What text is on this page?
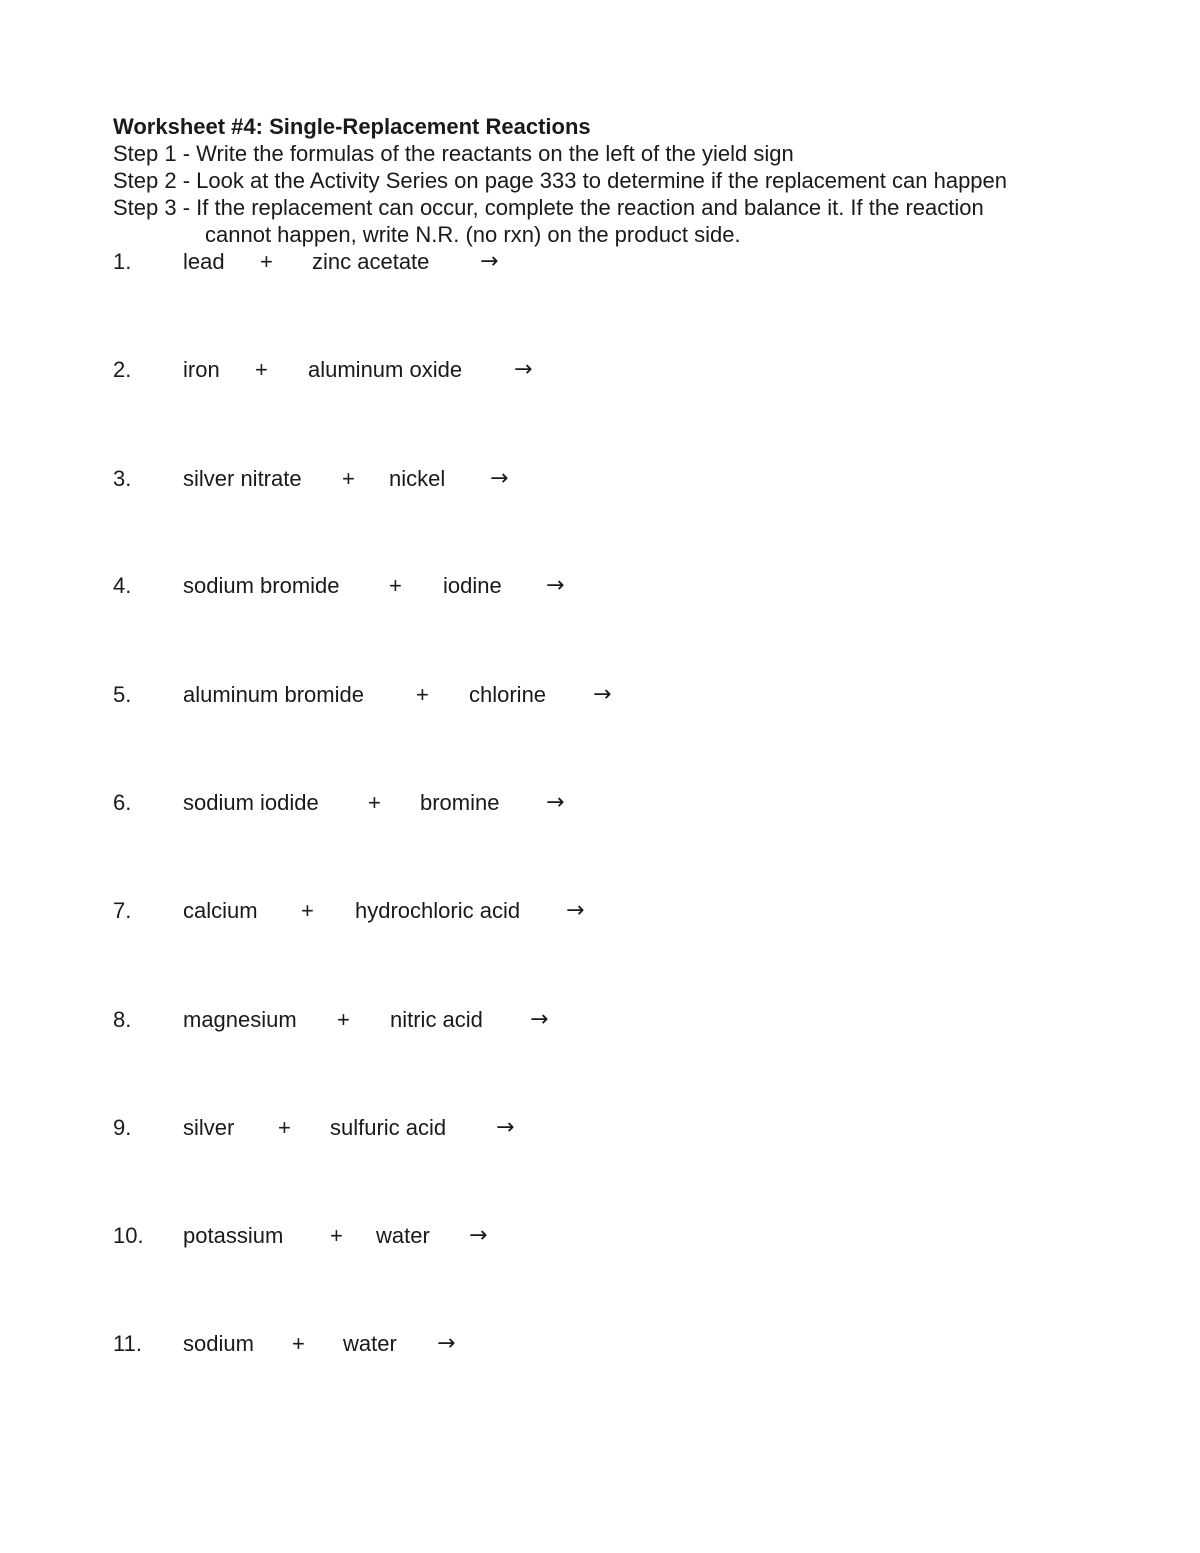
Worksheet #4: Single-Replacement Reactions
Step 1 - Write the formulas of the reactants on the left of the yield sign
Step 2 - Look at the Activity Series on page 333 to determine if the replacement can happen
Step 3 - If the replacement can occur, complete the reaction and balance it. If the reaction
cannot happen, write N.R. (no rxn) on the product side.
1. lead + zinc acetate →
2. iron + aluminum oxide →
3. silver nitrate + nickel →
4. sodium bromide + iodine →
5. aluminum bromide + chlorine →
6. sodium iodide + bromine →
7. calcium + hydrochloric acid →
8. magnesium + nitric acid →
9. silver + sulfuric acid →
10. potassium + water →
11. sodium + water →
